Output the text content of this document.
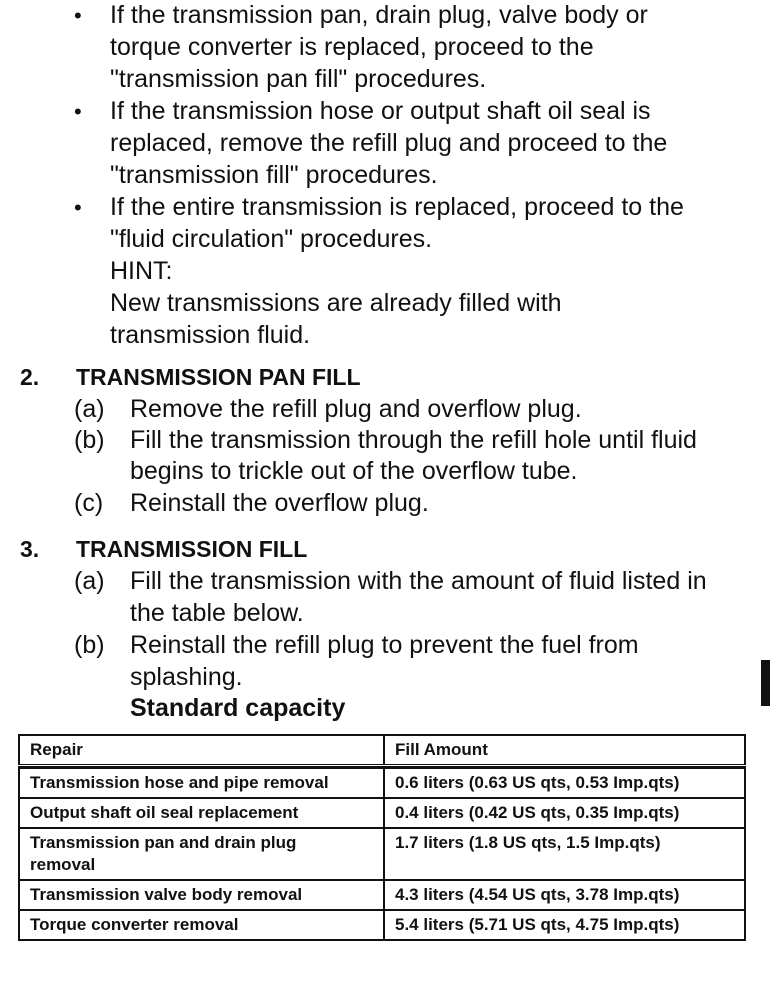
• If the transmission pan, drain plug, valve body or
torque converter is replaced, proceed to the
"transmission pan fill" procedures.
• If the transmission hose or output shaft oil seal is
replaced, remove the refill plug and proceed to the
"transmission fill" procedures.
• If the entire transmission is replaced, proceed to the
"fluid circulation" procedures.
HINT:
New transmissions are already filled with
transmission fluid.
2. TRANSMISSION PAN FILL
(a) Remove the refill plug and overflow plug.
(b) Fill the transmission through the refill hole until fluid
begins to trickle out of the overflow tube.
(c) Reinstall the overflow plug.
3. TRANSMISSION FILL
(a) Fill the transmission with the amount of fluid listed in
the table below.
(b) Reinstall the refill plug to prevent the fuel from
splashing.
Standard capacity
Repair	Fill Amount

Transmission hose and pipe removal	0.6 liters (0.63 US qts, 0.53 Imp.qts)
Output shaft oil seal replacement	0.4 liters (0.42 US qts, 0.35 Imp.qts)
Transmission pan and drain plug removal	1.7 liters (1.8 US qts, 1.5 Imp.qts)
Transmission valve body removal	4.3 liters (4.54 US qts, 3.78 Imp.qts)
Torque converter removal	5.4 liters (5.71 US qts, 4.75 Imp.qts)
